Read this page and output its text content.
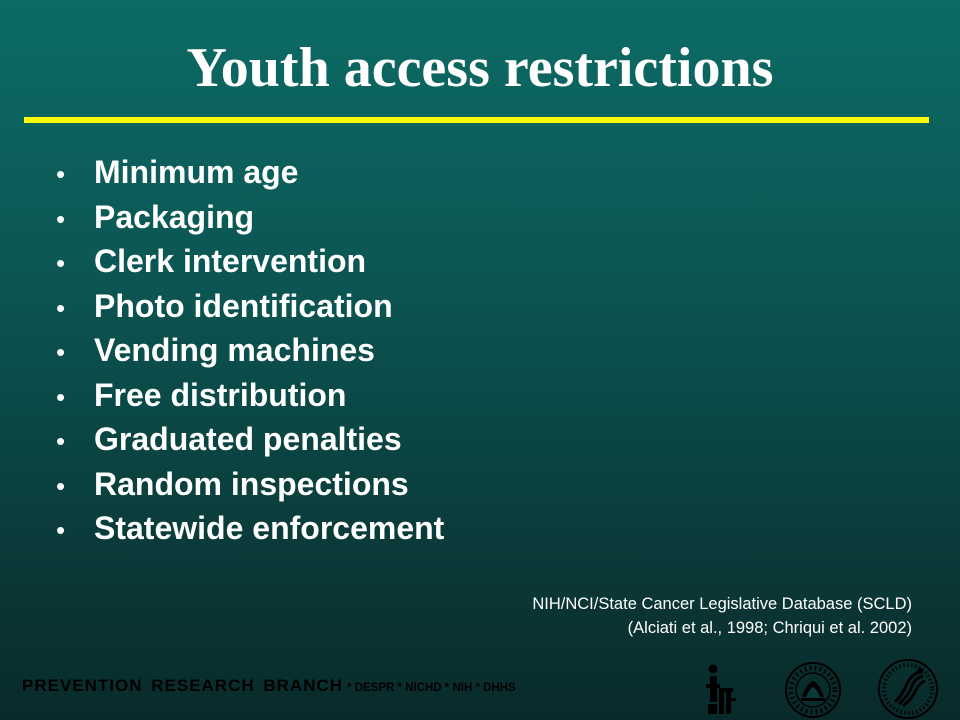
Youth access restrictions
• Minimum age
• Packaging
• Clerk intervention
• Photo identification
• Vending machines
• Free distribution
• Graduated penalties
• Random inspections
• Statewide enforcement
NIH/NCI/State Cancer Legislative Database (SCLD)
(Alciati et al., 1998; Chriqui et al. 2002)
PREVENTION RESEARCH BRANCH * DESPR * NICHD * NIH * DHHS
